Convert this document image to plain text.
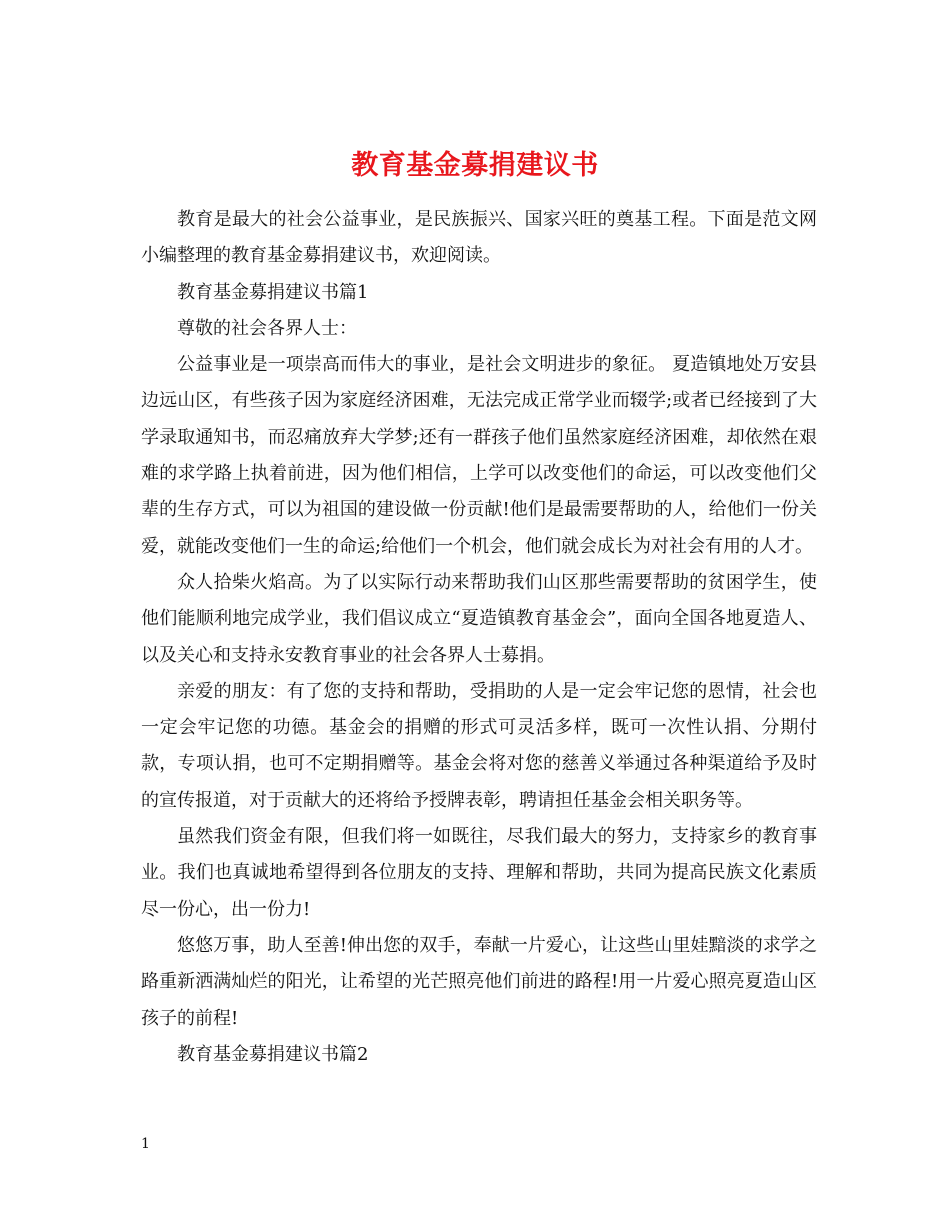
教育基金募捐建议书

教育是最大的社会公益事业，是民族振兴、国家兴旺的奠基工程。下面是范文网小编整理的教育基金募捐建议书，欢迎阅读。

教育基金募捐建议书篇1

尊敬的社会各界人士：

公益事业是一项崇高而伟大的事业，是社会文明进步的象征。 夏造镇地处万安县边远山区，有些孩子因为家庭经济困难，无法完成正常学业而辍学;或者已经接到了大学录取通知书，而忍痛放弃大学梦;还有一群孩子他们虽然家庭经济困难，却依然在艰难的求学路上执着前进，因为他们相信，上学可以改变他们的命运，可以改变他们父辈的生存方式，可以为祖国的建设做一份贡献!他们是最需要帮助的人，给他们一份关爱，就能改变他们一生的命运;给他们一个机会，他们就会成长为对社会有用的人才。

众人拾柴火焰高。为了以实际行动来帮助我们山区那些需要帮助的贫困学生，使他们能顺利地完成学业，我们倡议成立“夏造镇教育基金会”，面向全国各地夏造人、以及关心和支持永安教育事业的社会各界人士募捐。

亲爱的朋友：有了您的支持和帮助，受捐助的人是一定会牢记您的恩情，社会也一定会牢记您的功德。基金会的捐赠的形式可灵活多样，既可一次性认捐、分期付款，专项认捐，也可不定期捐赠等。基金会将对您的慈善义举通过各种渠道给予及时的宣传报道，对于贡献大的还将给予授牌表彰，聘请担任基金会相关职务等。

虽然我们资金有限，但我们将一如既往，尽我们最大的努力，支持家乡的教育事业。我们也真诚地希望得到各位朋友的支持、理解和帮助，共同为提高民族文化素质尽一份心，出一份力!

悠悠万事，助人至善!伸出您的双手，奉献一片爱心，让这些山里娃黯淡的求学之路重新洒满灿烂的阳光，让希望的光芒照亮他们前进的路程!用一片爱心照亮夏造山区孩子的前程!

教育基金募捐建议书篇2

1
